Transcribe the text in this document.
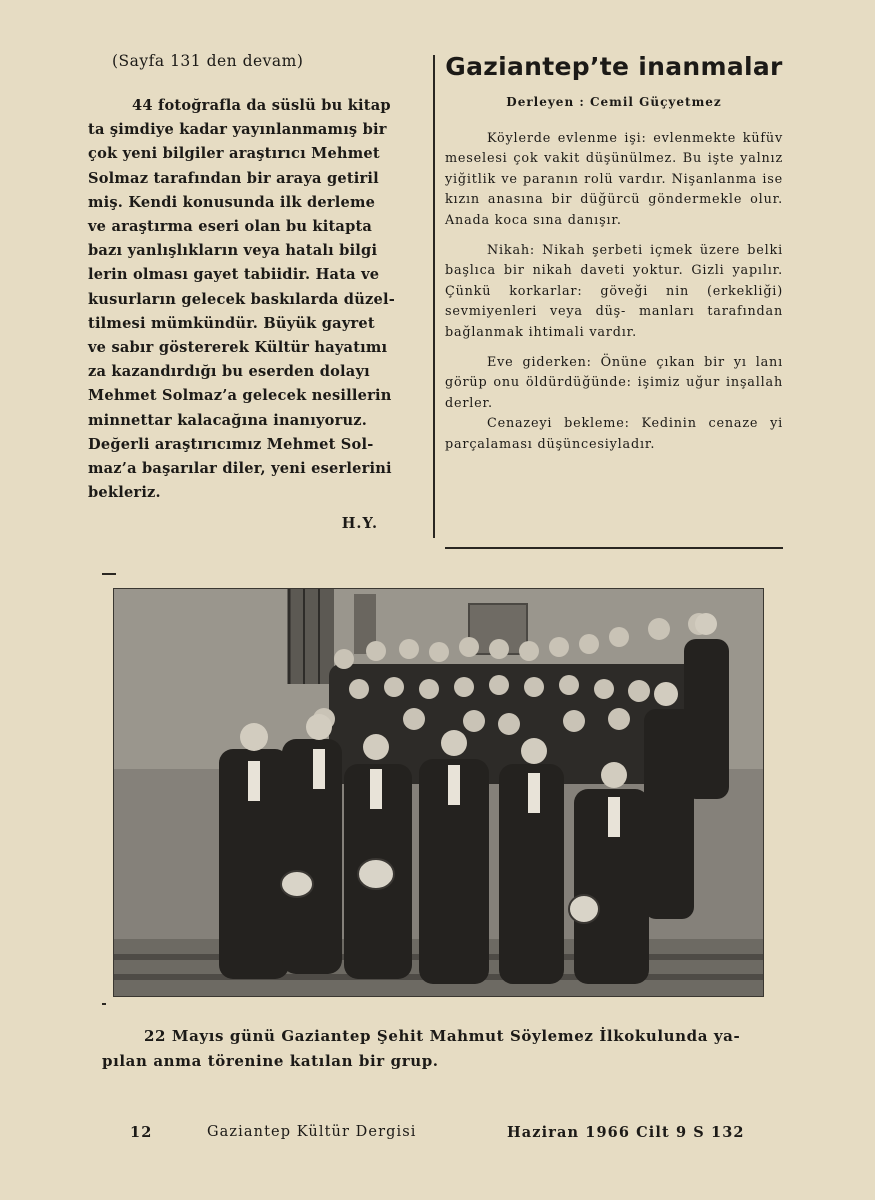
(Sayfa 131 den devam)

44 fotoğrafla da süslü bu kitap

ta şimdiye kadar yayınlanmamış bir
çok yeni bilgiler araştırıcı Mehmet
Solmaz tarafından bir araya getiril
miş. Kendi konusunda ilk derleme
ve araştırma eseri olan bu kitapta
bazı yanlışlıkların veya hatalı bilgi
lerin olması gayet tabiidir. Hata ve
kusurların gelecek baskılarda düzel-
tilmesi mümkündür. Büyük gayret
ve sabır göstererek Kültür hayatımı
za kazandırdığı bu eserden dolayı
Mehmet Solmaz’a gelecek nesillerin
minnettar kalacağına inanıyoruz.
Değerli araştırıcımız Mehmet Sol-
maz’a başarılar diler, yeni eserlerini
bekleriz.
H.Y.
Gaziantep’te inanmalar
Derleyen : Cemil Güçyetmez

Köylerde evlenme işi: evlenmekte küfüv meselesi çok vakit düşünülmez. Bu işte yalnız yiğitlik ve paranın rolü vardır. Nişanlanma ise kızın anasına bir düğürcü göndermekle olur. Anada koca sına danışır.

Nikah: Nikah şerbeti içmek üzere belki başlıca bir nikah daveti yoktur. Gizli yapılır. Çünkü korkarlar: göveği nin (erkekliği) sevmiyenleri veya düş- manları tarafından bağlanmak ihtimali vardır.

Eve giderken: Önüne çıkan bir yı lanı görüp onu öldürdüğünde: işimiz uğur inşallah derler.

Cenazeyi bekleme: Kedinin cenaze yi parçalaması düşüncesiyladır.

22 Mayıs günü Gaziantep Şehit Mahmut Söylemez İlkokulunda ya-
pılan anma törenine katılan bir grup.
12	Gaziantep Kültür Dergisi	Haziran 1966 Cilt 9 S 132
